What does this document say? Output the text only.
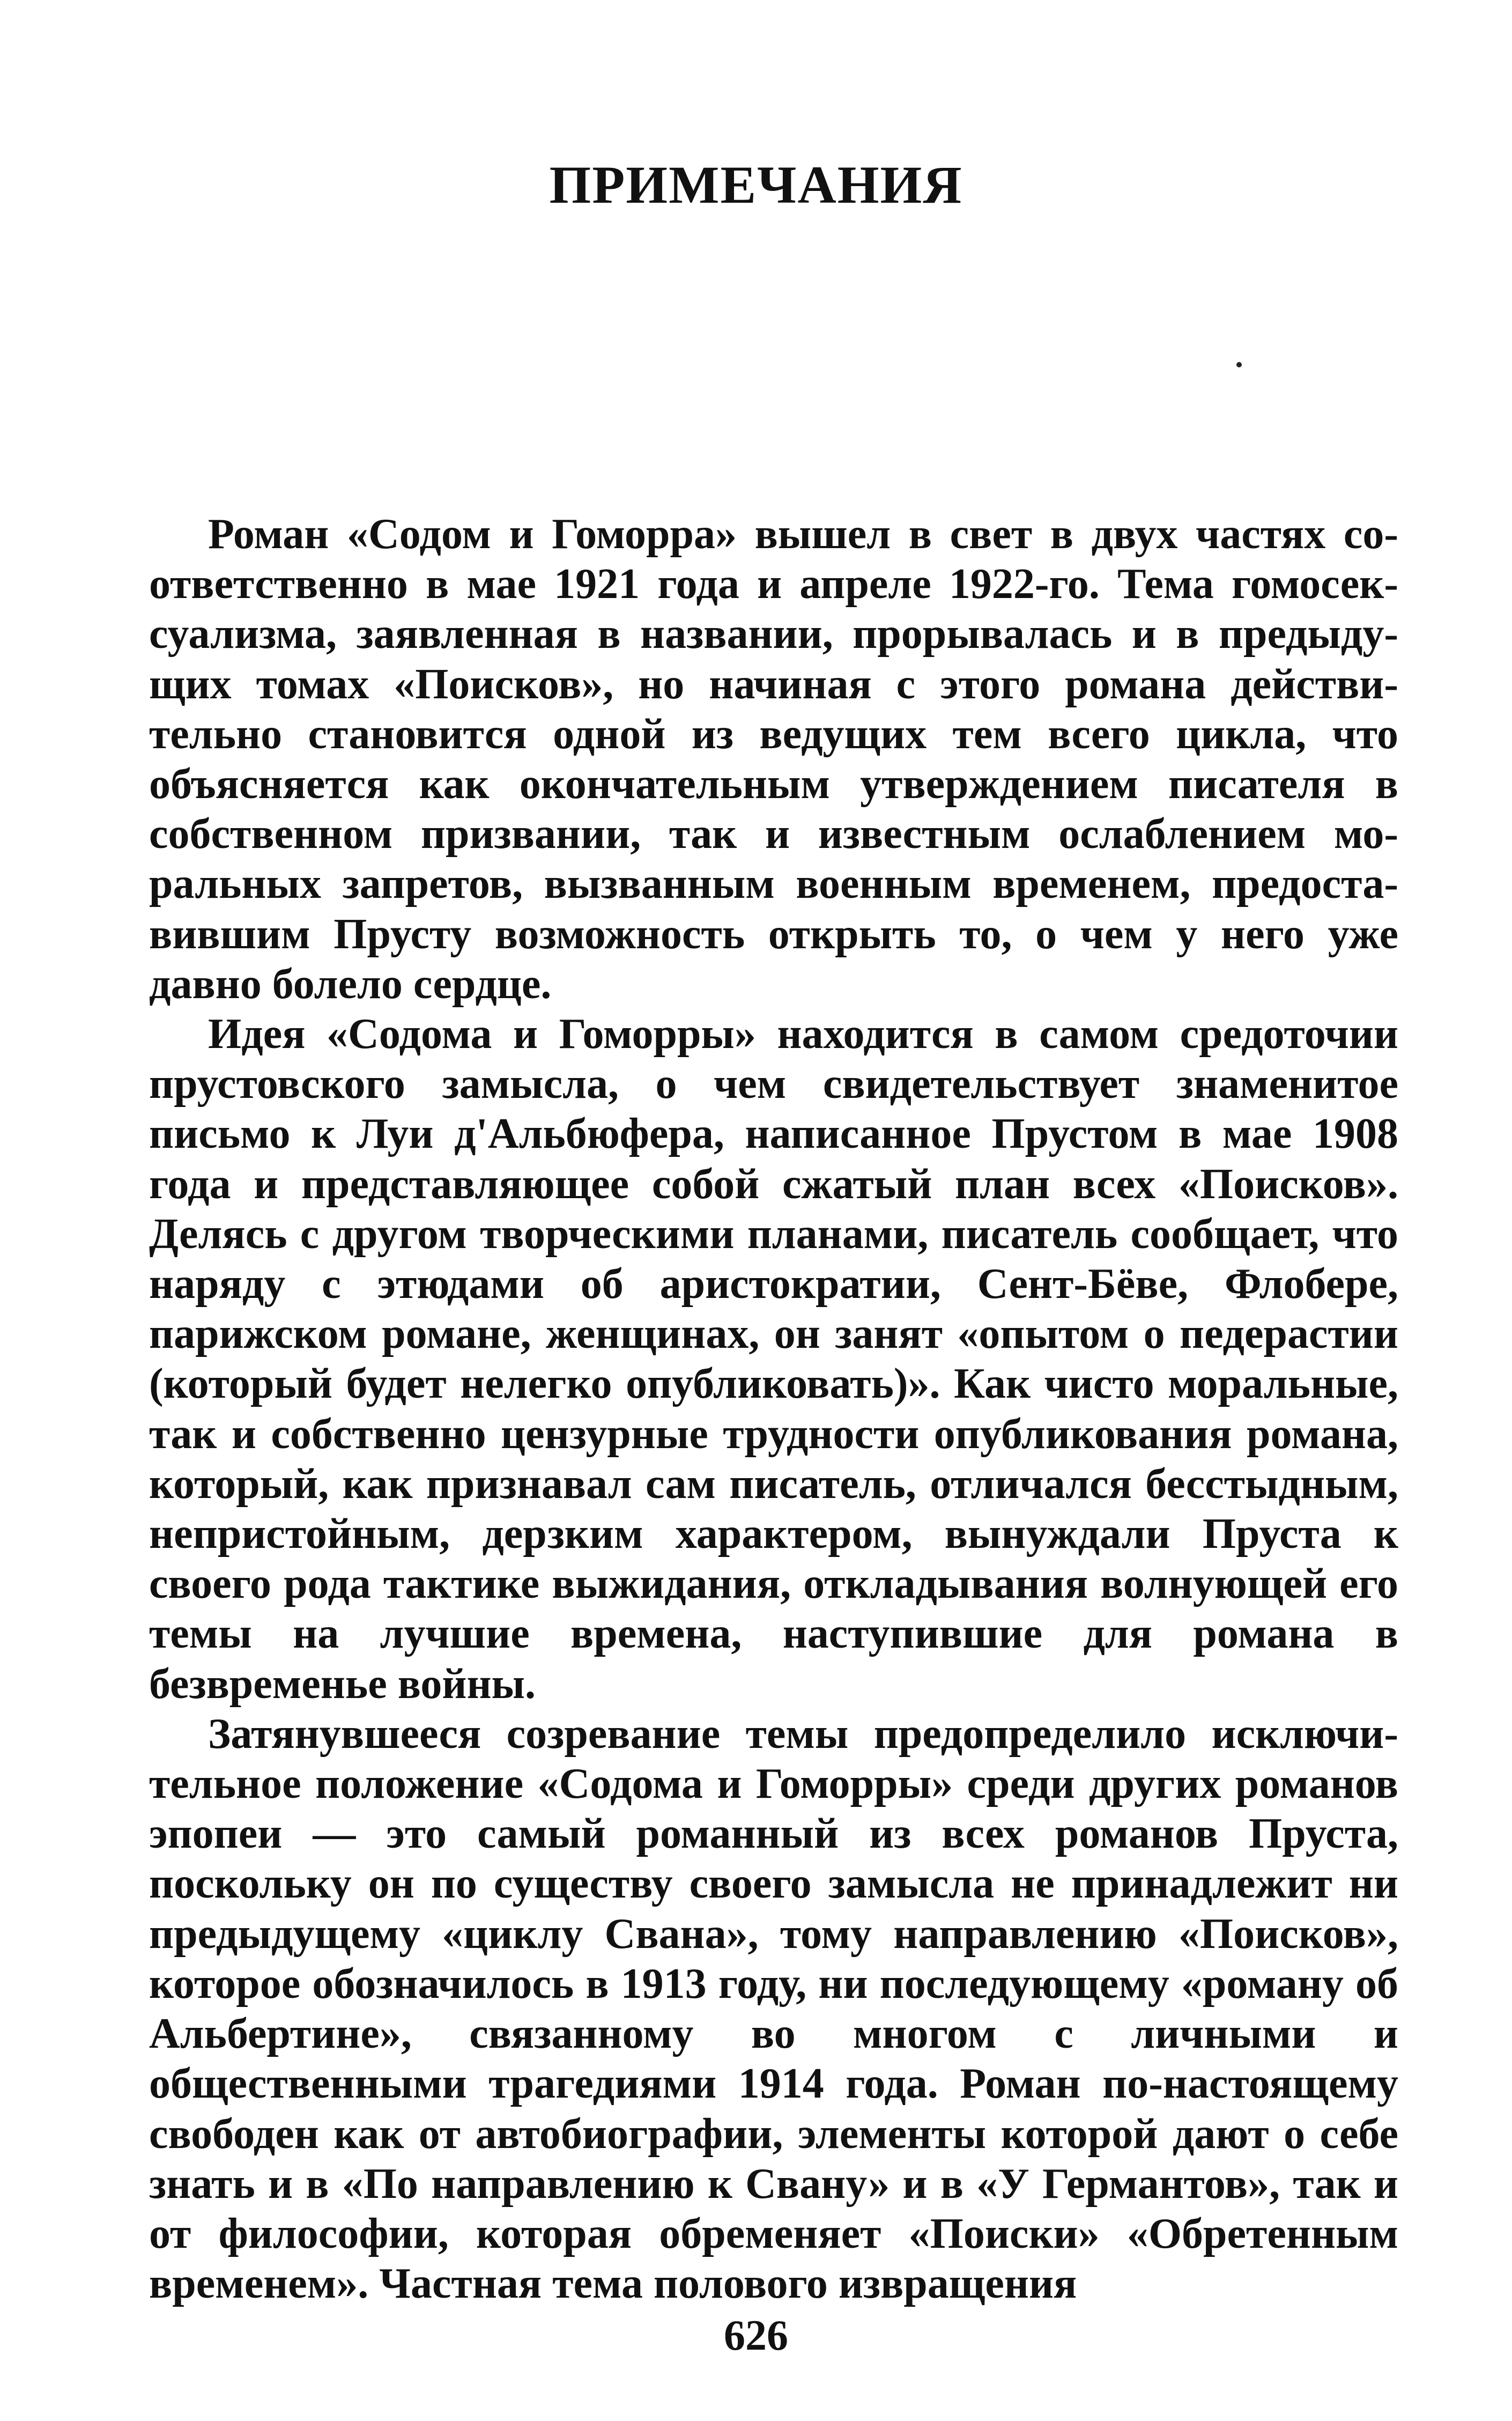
ПРИМЕЧАНИЯ

Роман «Содом и Гоморра» вышел в свет в двух частях соответственно в мае 1921 года и апреле 1922-го. Тема гомосексуализма, заявленная в названии, прорывалась и в предыдущих томах «Поисков», но начиная с этого романа действительно становится одной из ведущих тем всего цикла, что объясняется как окончательным утверждением писателя в собственном призвании, так и известным ослаблением моральных запретов, вызванным военным временем, предоставившим Прусту возможность открыть то, о чем у него уже давно болело сердце.

Идея «Содома и Гоморры» находится в самом средоточии прустовского замысла, о чем свидетельствует знаменитое письмо к Луи д'Альбюфера, написанное Прустом в мае 1908 года и представляющее собой сжатый план всех «Поисков». Делясь с другом творческими планами, писатель сообщает, что наряду с этюдами об аристократии, Сент-Бёве, Флобере, парижском романе, женщинах, он занят «опытом о педерастии (который будет нелегко опубликовать)». Как чисто моральные, так и собственно цензурные трудности опубликования романа, который, как признавал сам писатель, отличался бесстыдным, непристойным, дерзким характером, вынуждали Пруста к своего рода тактике выжидания, откладывания волнующей его темы на лучшие времена, наступившие для романа в безвременье войны.

Затянувшееся созревание темы предопределило исключительное положение «Содома и Гоморры» среди других романов эпопеи — это самый романный из всех романов Пруста, поскольку он по существу своего замысла не принадлежит ни предыдущему «циклу Свана», тому направлению «Поисков», которое обозначилось в 1913 году, ни последующему «роману об Альбертине», связанному во многом с личными и общественными трагедиями 1914 года. Роман по-настоящему свободен как от автобиографии, элементы которой дают о себе знать и в «По направлению к Свану» и в «У Германтов», так и от философии, которая обременяет «Поиски» «Обретенным временем». Частная тема полового извращения

626
